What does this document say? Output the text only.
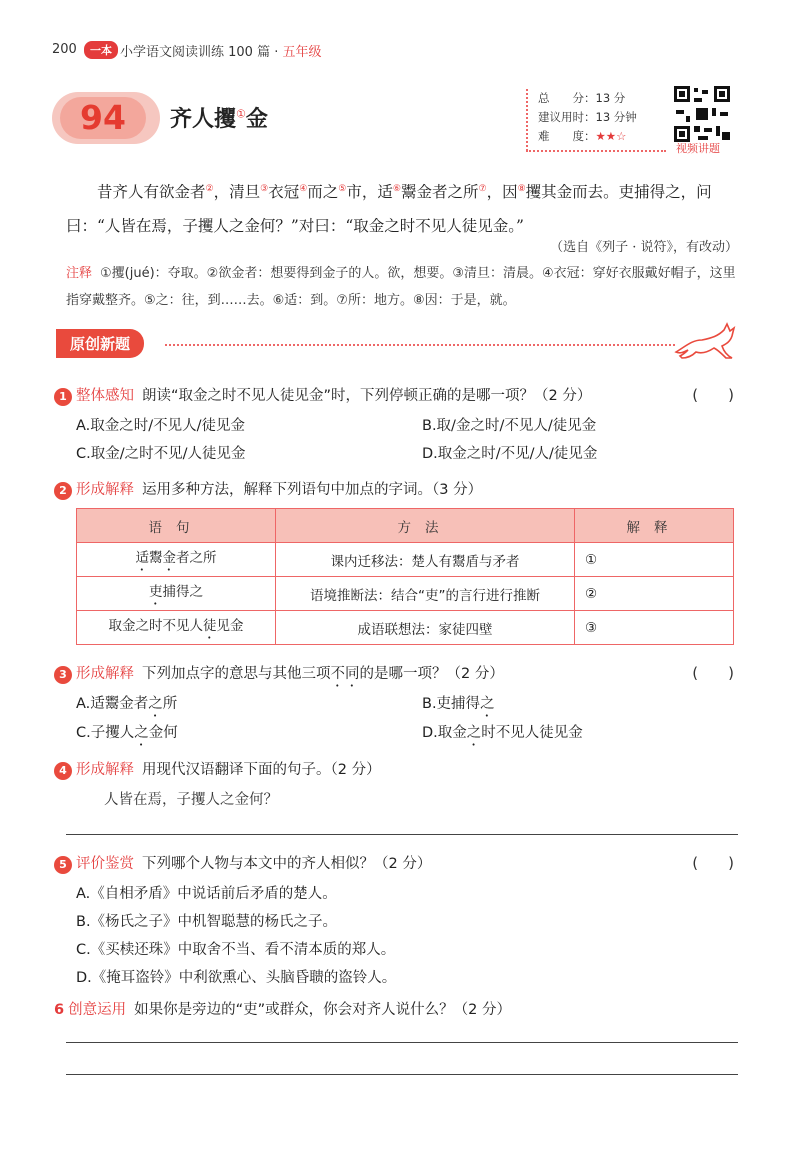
200	一本 小学语文阅读训练 100 篇 · 五年级
94	齐人攫①金
总　　分：13 分
建议用时：13 分钟
难　　度：★★☆
视频讲题
昔齐人有欲金者②，清旦③衣冠④而之⑤市，适⑥鬻金者之所⑦，因⑧攫其金而去。吏捕得之，问曰：“人皆在焉，子攫人之金何？”对曰：“取金之时不见人徒见金。”
（选自《列子 · 说符》，有改动）
注释 ①攫(jué)：夺取。②欲金者：想要得到金子的人。欲，想要。③清旦：清晨。④衣冠：穿好衣服戴好帽子，这里指穿戴整齐。⑤之：往，到……去。⑥适：到。⑦所：地方。⑧因：于是，就。
原创新题
1 整体感知 朗读“取金之时不见人徒见金”时，下列停顿正确的是哪一项？（2 分）	(　　)
A.取金之时/不见人/徒见金	B.取/金之时/不见人/徒见金
C.取金/之时不见/人徒见金	D.取金之时/不见/人/徒见金
2 形成解释 运用多种方法，解释下列语句中加点的字词。（3 分）
语句	方法	解释
适鬻金者之所	课内迁移法：楚人有鬻盾与矛者	①
吏捕得之	语境推断法：结合“吏”的言行进行推断	②
取金之时不见人徒见金	成语联想法：家徒四壁	③
3 形成解释 下列加点字的意思与其他三项不同的是哪一项？（2 分）	(　　)
A.适鬻金者之所	B.吏捕得之
C.子攫人之金何	D.取金之时不见人徒见金
4 形成解释 用现代汉语翻译下面的句子。（2 分）
人皆在焉，子攫人之金何？
5 评价鉴赏 下列哪个人物与本文中的齐人相似？（2 分）	(　　)
A.《自相矛盾》中说话前后矛盾的楚人。
B.《杨氏之子》中机智聪慧的杨氏之子。
C.《买椟还珠》中取舍不当、看不清本质的郑人。
D.《掩耳盗铃》中利欲熏心、头脑昏聩的盗铃人。
6 创意运用 如果你是旁边的“吏”或群众，你会对齐人说什么？（2 分）
